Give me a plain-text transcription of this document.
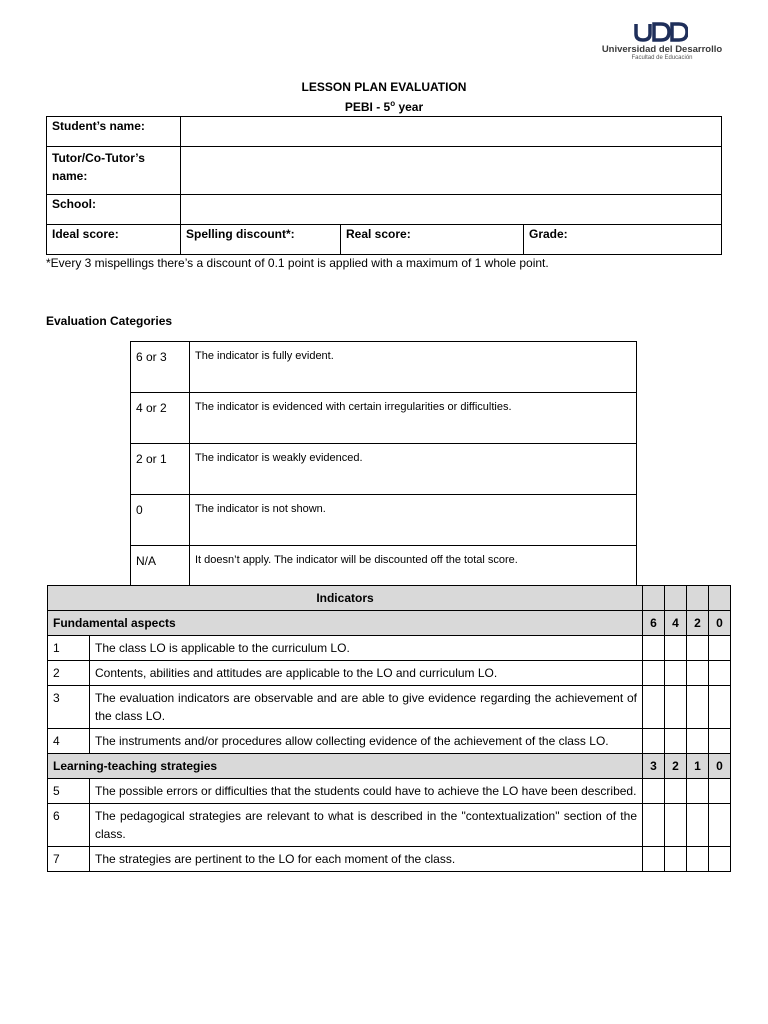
Universidad del Desarrollo
Facultad de Educación
LESSON PLAN EVALUATION
PEBI - 5$^o$ year
Student’s name:			
Tutor/Co-Tutor’s name:			
School:			
Ideal score:	Spelling discount*:	Real score:	Grade:
*Every 3 mispellings there’s a discount of 0.1 point is applied with a maximum of 1 whole point.
Evaluation Categories
6 or 3	The indicator is fully evident.
4 or 2	The indicator is evidenced with certain irregularities or difficulties.
2 or 1	The indicator is weakly evidenced.
0	The indicator is not shown.
N/A	It doesn’t apply. The indicator will be discounted off the total score.
Indicators					
Fundamental aspects		6	4	2	0
1	The class LO is applicable to the curriculum LO.				
2	Contents, abilities and attitudes are applicable to the LO and curriculum LO.				
3	The evaluation indicators are observable and are able to give evidence regarding the achievement of the class LO.				
4	The instruments and/or procedures allow collecting evidence of the achievement of the class LO.				
Learning-teaching strategies		3	2	1	0
5	The possible errors or difficulties that the students could have to achieve the LO have been described.				
6	The pedagogical strategies are relevant to what is described in the "contextualization" section of the class.				
7	The strategies are pertinent to the LO for each moment of the class.				
